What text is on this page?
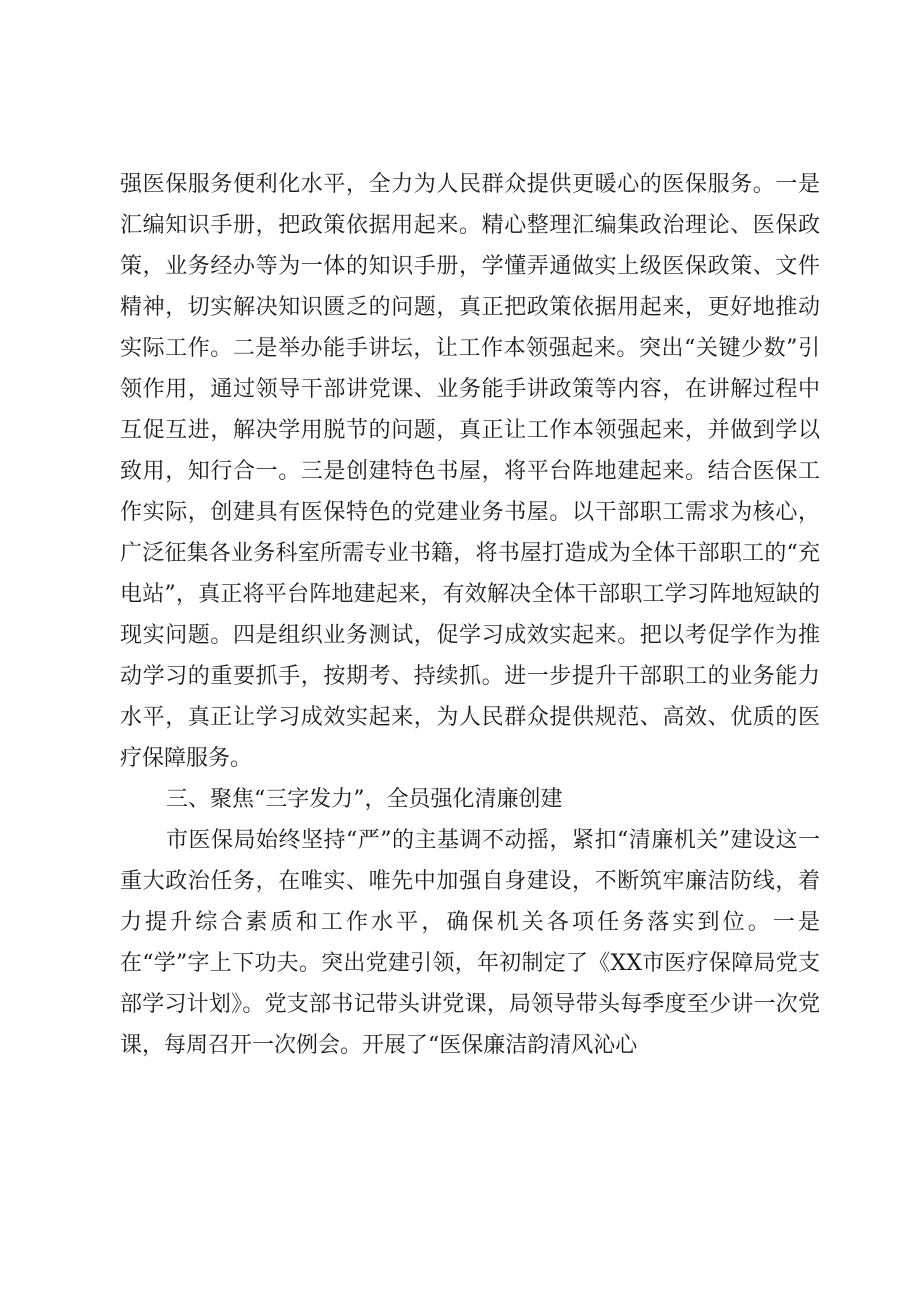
强医保服务便利化水平，全力为人民群众提供更暖心的医保服务。一是汇编知识手册，把政策依据用起来。精心整理汇编集政治理论、医保政策，业务经办等为一体的知识手册，学懂弄通做实上级医保政策、文件精神，切实解决知识匮乏的问题，真正把政策依据用起来，更好地推动实际工作。二是举办能手讲坛，让工作本领强起来。突出“关键少数”引领作用，通过领导干部讲党课、业务能手讲政策等内容，在讲解过程中互促互进，解决学用脱节的问题，真正让工作本领强起来，并做到学以致用，知行合一。三是创建特色书屋，将平台阵地建起来。结合医保工作实际，创建具有医保特色的党建业务书屋。以干部职工需求为核心，广泛征集各业务科室所需专业书籍，将书屋打造成为全体干部职工的“充电站”，真正将平台阵地建起来，有效解决全体干部职工学习阵地短缺的现实问题。四是组织业务测试，促学习成效实起来。把以考促学作为推动学习的重要抓手，按期考、持续抓。进一步提升干部职工的业务能力水平，真正让学习成效实起来，为人民群众提供规范、高效、优质的医疗保障服务。

三、聚焦“三字发力”，全员强化清廉创建

市医保局始终坚持“严”的主基调不动摇，紧扣“清廉机关”建设这一重大政治任务，在唯实、唯先中加强自身建设，不断筑牢廉洁防线，着力提升综合素质和工作水平，确保机关各项任务落实到位。一是在“学”字上下功夫。突出党建引领，年初制定了《XX市医疗保障局党支部学习计划》。党支部书记带头讲党课，局领导带头每季度至少讲一次党课，每周召开一次例会。开展了“医保廉洁韵清风沁心
